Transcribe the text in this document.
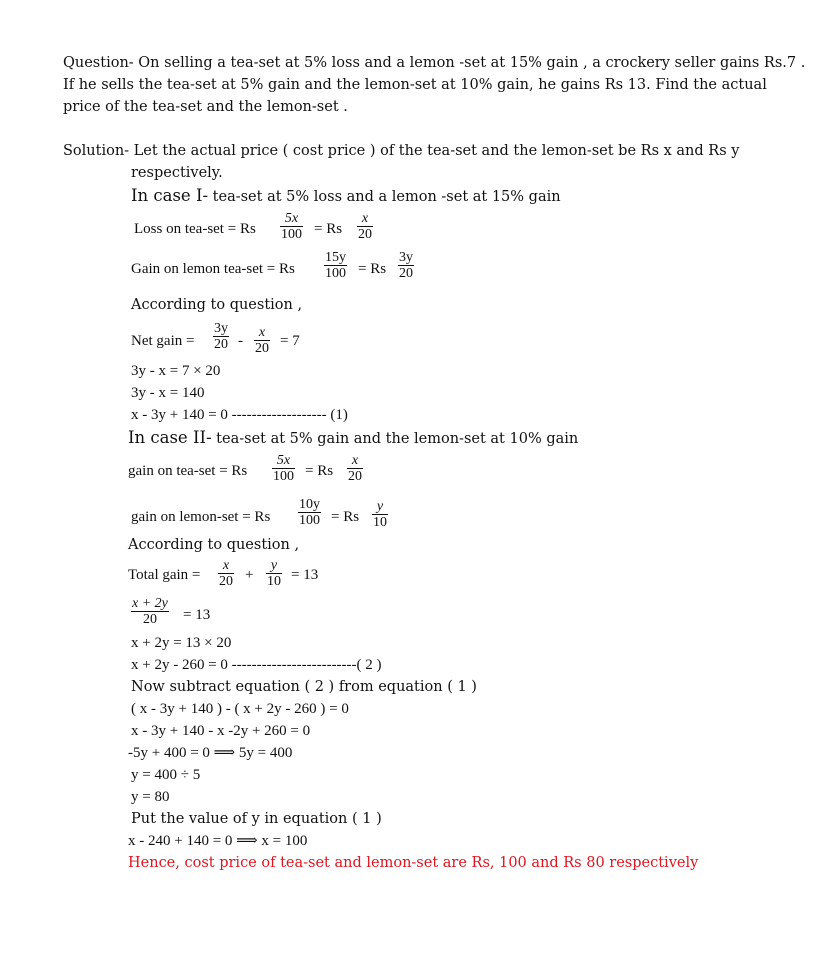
Question- On selling a tea-set at 5% loss and a lemon -set at 15% gain , a crockery seller gains Rs.7 .
If he sells the tea-set at 5% gain and the lemon-set at 10% gain, he gains Rs 13. Find the actual
price of the tea-set and the lemon-set .
Solution- Let the actual price ( cost price ) of the tea-set and the lemon-set be Rs x and Rs y
respectively.
In case I- tea-set at 5% loss and a lemon -set at 15% gain
Loss on tea-set = Rs $\frac{5x}{100} = Rs \frac{x}{20}$
Gain on lemon tea-set = Rs $\frac{15y}{100} = Rs \frac{3y}{20}$
According to question ,
Net gain = $\frac{3y}{20} - \frac{x}{20} = 7$
3y - x = 7 × 20
3y - x = 140
x - 3y + 140 = 0 ------------------- (1)
In case II- tea-set at 5% gain and the lemon-set at 10% gain
gain on tea-set = Rs $\frac{5x}{100} = Rs \frac{x}{20}$
gain on lemon-set = Rs $\frac{10y}{100} = Rs \frac{y}{10}$
According to question ,
Total gain = $\frac{x}{20} + \frac{y}{10} = 13$
$\frac{x + 2y}{20} = 13$
x + 2y = 13 × 20
x + 2y - 260 = 0 -------------------------( 2 )
Now subtract equation ( 2 ) from equation ( 1 )
( x - 3y + 140 ) - ( x + 2y - 260 ) = 0
x - 3y + 140 - x -2y + 260 = 0
-5y + 400 = 0 ⟹ 5y = 400
y = 400 ÷ 5
y = 80
Put the value of y in equation ( 1 )
x - 240 + 140 = 0 ⟹ x = 100
Hence, cost price of tea-set and lemon-set are Rs, 100 and Rs 80 respectively
